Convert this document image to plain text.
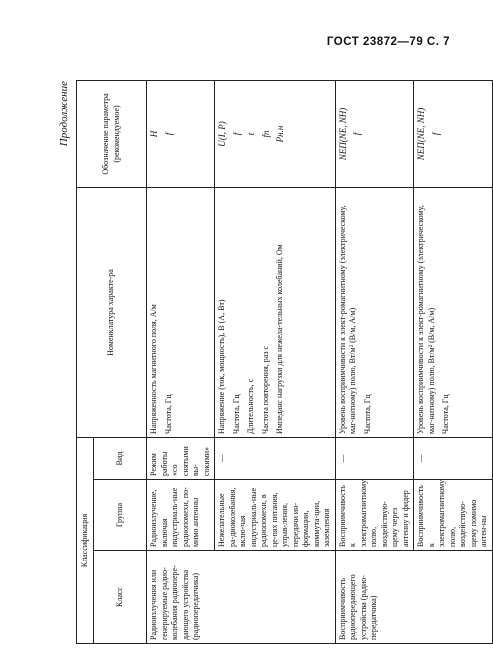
ГОСТ 23872—79 С. 7
Продолжение
Классификация			Номенклатура характе-ра	Обозначение параметра (рекомендуемое)
Класс	Группа	Вид		
Радиоизлучения или генерируемые радио-колебания радиопере-дающего устройства (радиопередатчика)	Радиоизлучение, включая индустриаль-ные радиопомехи, по-мимо антенны	Режим работы «со снятыми вы-сокими»	Напряженность магнитного поля, А/м Частота, Гц	H f

	Нежелательные ра-диоколебания, вклю-чая индустриаль-ные радиопомехи, в це-пях питания, управ-ления, передачи ин-формации, коммута-ции, заземления	—	Напряжение (ток, мощность), В (А, Вт) Частота, Гц Длительность, с Частота повторения, раз с Импеданс нагрузки для нежела-тельных колебаний, Ом	U(I, P) f t fп Pн.н

Восприимчивость радиопередающего устройства (радио-передатчика)	Восприимчивость к электромагнитному полю, воздействую-щему через антенну и фидер	—	Уровень восприимчивости к элект-ромагнитному (электрическому, маг-нитному) полю, Вт/м² (В/м, А/м) Частота, Гц	NEП(NE, NH) f

	Восприимчивость к электромагнитному полю, воздействую-щему помимо антен-ны	—	Уровень восприимчивости к элект-ромагнитному (электрическому, маг-нитному) полю, Вт/м² (В/м, А/м) Частота, Гц	NEП(NE, NH) f
